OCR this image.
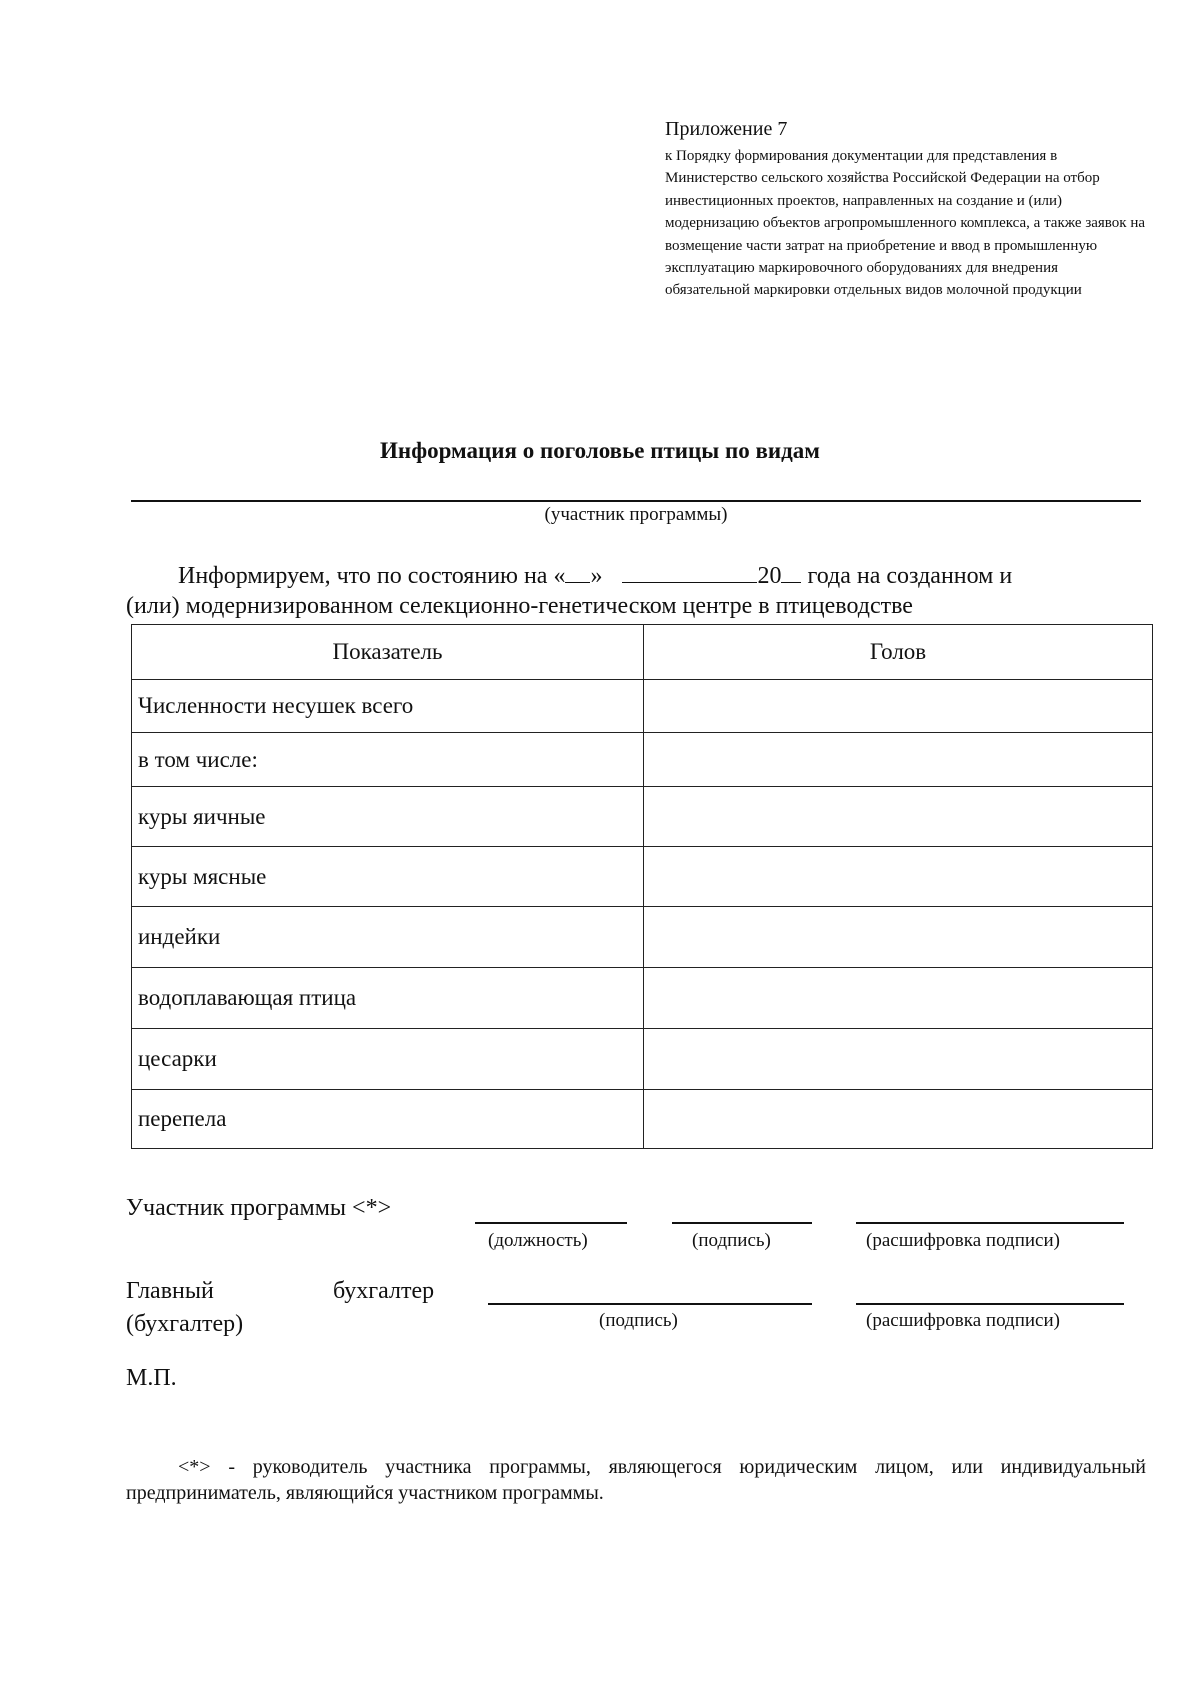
Приложение 7
к Порядку формирования документации для представления в Министерство сельского хозяйства Российской Федерации на отбор инвестиционных проектов, направленных на создание и (или) модернизацию объектов агропромышленного комплекса, а также заявок на возмещение части затрат на приобретение и ввод в промышленную эксплуатацию маркировочного оборудованиях для внедрения обязательной маркировки отдельных видов молочной продукции
Информация о поголовье птицы по видам
(участник программы)
Информируем, что по состоянию на « »	20 года на созданном и
(или) модернизированном селекционно-генетическом центре в птицеводстве
Показатель	Голов
Численности несушек всего	
в том числе:	
куры яичные	
куры мясные	
индейки	
водоплавающая птица	
цесарки	
перепела	
Участник программы <*>
(должность)	(подпись)	(расшифровка подписи)
Главный	бухгалтер
(бухгалтер)	(подпись)	(расшифровка подписи)
М.П.
<*> - руководитель участника программы, являющегося юридическим лицом, или индивидуальный предприниматель, являющийся участником программы.
